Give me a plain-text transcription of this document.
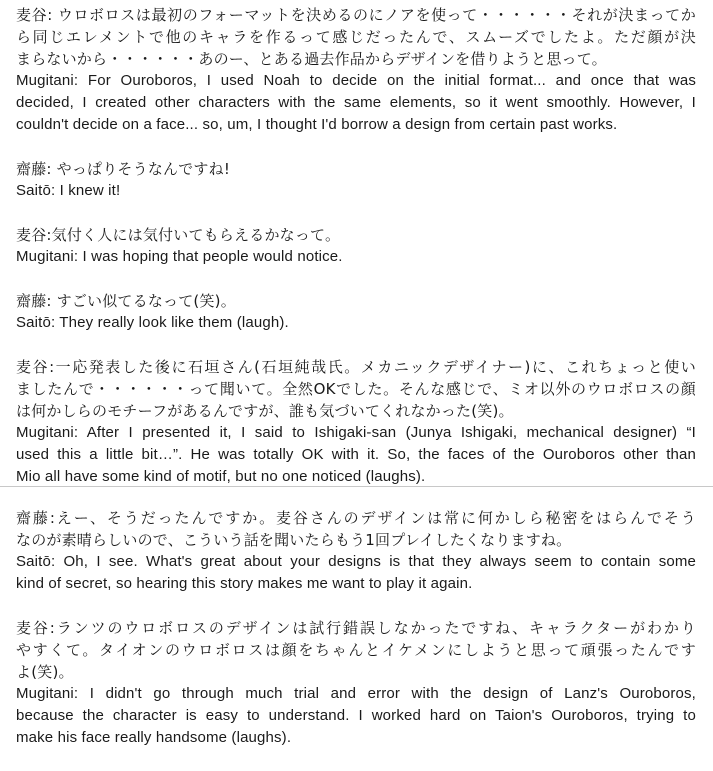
麦谷: ウロボロスは最初のフォーマットを決めるのにノアを使って・・・・・・それが決まってか

ら同じエレメントで他のキャラを作るって感じだったんで、スムーズでしたよ。ただ顔が決

まらないから・・・・・・あのー、とある過去作品からデザインを借りようと思って。

Mugitani: For Ouroboros, I used Noah to decide on the initial format... and once that was

decided, I created other characters with the same elements, so it went smoothly. However, I

couldn't decide on a face... so, um, I thought I'd borrow a design from certain past works.

齋藤: やっぱりそうなんですね!

Saitō: I knew it!

麦谷:気付く人には気付いてもらえるかなって。

Mugitani: I was hoping that people would notice.

齋藤: すごい似てるなって(笑)。

Saitō: They really look like them (laugh).

麦谷:一応発表した後に石垣さん(石垣純哉氏。メカニックデザイナー)に、これちょっと使い

ましたんで・・・・・・って聞いて。全然OKでした。そんな感じで、ミオ以外のウロボロスの顔

は何かしらのモチーフがあるんですが、誰も気づいてくれなかった(笑)。

Mugitani: After I presented it, I said to Ishigaki-san (Junya Ishigaki, mechanical designer) “I

used this a little bit…”. He was totally OK with it. So, the faces of the Ouroboros other than

Mio all have some kind of motif, but no one noticed (laughs).

齋藤:えー、そうだったんですか。麦谷さんのデザインは常に何かしら秘密をはらんでそう

なのが素晴らしいので、こういう話を聞いたらもう1回プレイしたくなりますね。

Saitō: Oh, I see. What's great about your designs is that they always seem to contain some

kind of secret, so hearing this story makes me want to play it again.

麦谷:ランツのウロボロスのデザインは試行錯誤しなかったですね、キャラクターがわかり

やすくて。タイオンのウロボロスは顔をちゃんとイケメンにしようと思って頑張ったんです

よ(笑)。

Mugitani: I didn't go through much trial and error with the design of Lanz's Ouroboros,

because the character is easy to understand. I worked hard on Taion's Ouroboros, trying to

make his face really handsome (laughs).
